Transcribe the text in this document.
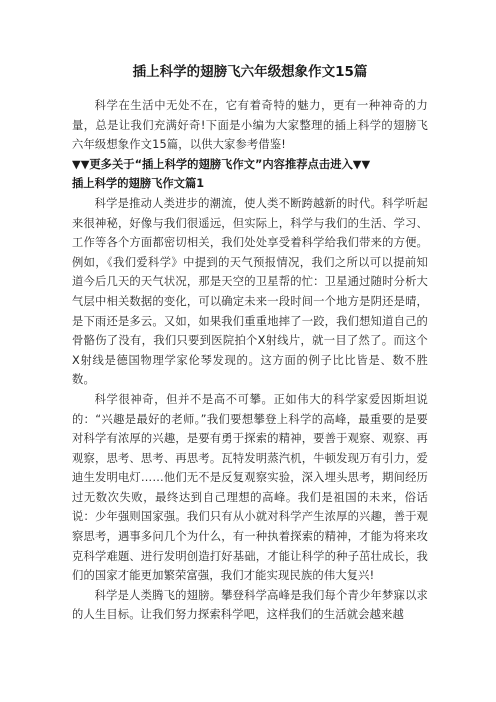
插上科学的翅膀飞六年级想象作文15篇

科学在生活中无处不在，它有着奇特的魅力，更有一种神奇的力量，总是让我们充满好奇!下面是小编为大家整理的插上科学的翅膀飞六年级想象作文15篇，以供大家参考借鉴!

▼▼更多关于“插上科学的翅膀飞作文”内容推荐点击进入▼▼

插上科学的翅膀飞作文篇1

科学是推动人类进步的潮流，使人类不断跨越新的时代。科学听起来很神秘，好像与我们很遥远，但实际上，科学与我们的生活、学习、工作等各个方面都密切相关，我们处处享受着科学给我们带来的方便。例如，《我们爱科学》中提到的天气预报情况，我们之所以可以提前知道今后几天的天气状况，那是天空的卫星帮的忙：卫星通过随时分析大气层中相关数据的变化，可以确定未来一段时间一个地方是阴还是晴，是下雨还是多云。又如，如果我们重重地摔了一跤，我们想知道自己的骨骼伤了没有，我们只要到医院拍个X射线片，就一目了然了。而这个X射线是德国物理学家伦琴发现的。这方面的例子比比皆是、数不胜数。

科学很神奇，但并不是高不可攀。正如伟大的科学家爱因斯坦说的：“兴趣是最好的老师。”我们要想攀登上科学的高峰，最重要的是要对科学有浓厚的兴趣，是要有勇于探索的精神，要善于观察、观察、再观察，思考、思考、再思考。瓦特发明蒸汽机，牛顿发现万有引力，爱迪生发明电灯……他们无不是反复观察实验，深入埋头思考，期间经历过无数次失败，最终达到自己理想的高峰。我们是祖国的未来，俗话说：少年强则国家强。我们只有从小就对科学产生浓厚的兴趣，善于观察思考，遇事多问几个为什么，有一种执着探索的精神，才能为将来攻克科学难题、进行发明创造打好基础，才能让科学的种子茁壮成长，我们的国家才能更加繁荣富强，我们才能实现民族的伟大复兴!

科学是人类腾飞的翅膀。攀登科学高峰是我们每个青少年梦寐以求的人生目标。让我们努力探索科学吧，这样我们的生活就会越来越
